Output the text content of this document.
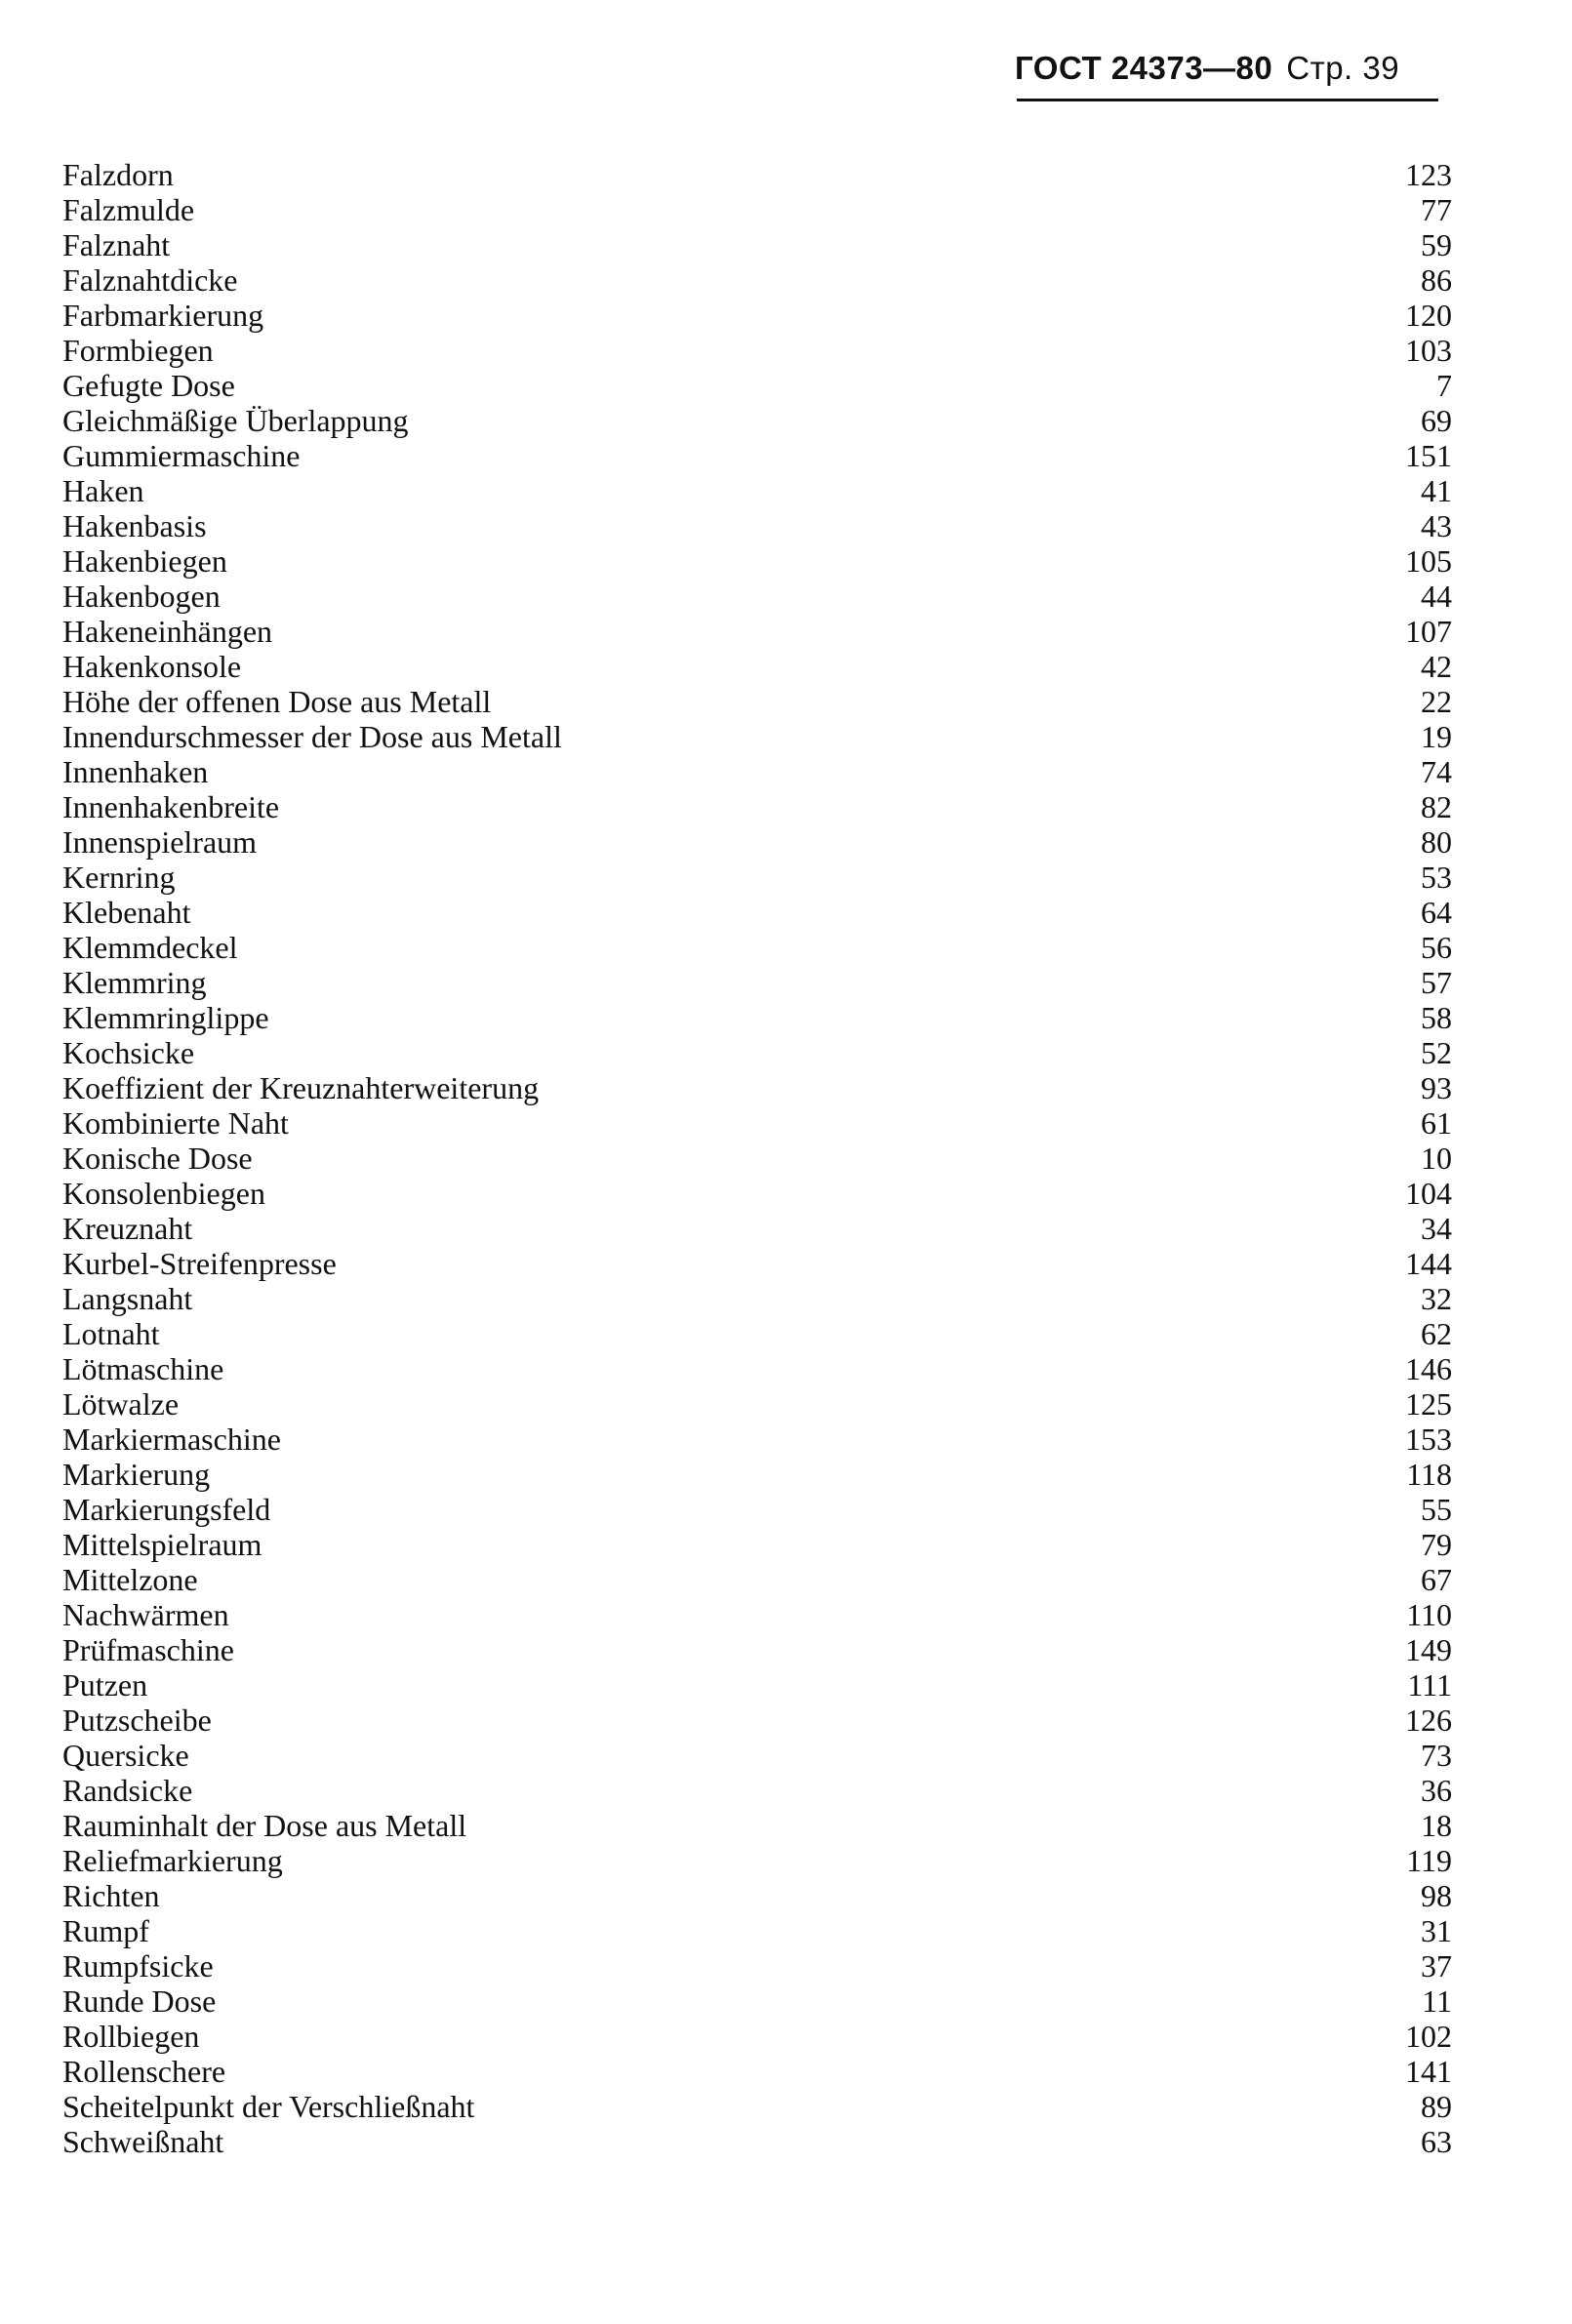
ГОСТ 24373—80 Стр. 39
Falzdorn	123
Falzmulde	77
Falznaht	59
Falznahtdicke	86
Farbmarkierung	120
Formbiegen	103
Gefugte Dose	7
Gleichmäßige Überlappung	69
Gummiermaschine	151
Haken	41
Hakenbasis	43
Hakenbiegen	105
Hakenbogen	44
Hakeneinhängen	107
Hakenkonsole	42
Höhe der offenen Dose aus Metall	22
Innendurschmesser der Dose aus Metall	19
Innenhaken	74
Innenhakenbreite	82
Innenspielraum	80
Kernring	53
Klebenaht	64
Klemmdeckel	56
Klemmring	57
Klemmringlippe	58
Kochsicke	52
Koeffizient der Kreuznahterweiterung	93
Kombinierte Naht	61
Konische Dose	10
Konsolenbiegen	104
Kreuznaht	34
Kurbel-Streifenpresse	144
Langsnaht	32
Lotnaht	62
Lötmaschine	146
Lötwalze	125
Markiermaschine	153
Markierung	118
Markierungsfeld	55
Mittelspielraum	79
Mittelzone	67
Nachwärmen	110
Prüfmaschine	149
Putzen	111
Putzscheibe	126
Quersicke	73
Randsicke	36
Rauminhalt der Dose aus Metall	18
Reliefmarkierung	119
Richten	98
Rumpf	31
Rumpfsicke	37
Runde Dose	11
Rollbiegen	102
Rollenschere	141
Scheitelpunkt der Verschließnaht	89
Schweißnaht	63
